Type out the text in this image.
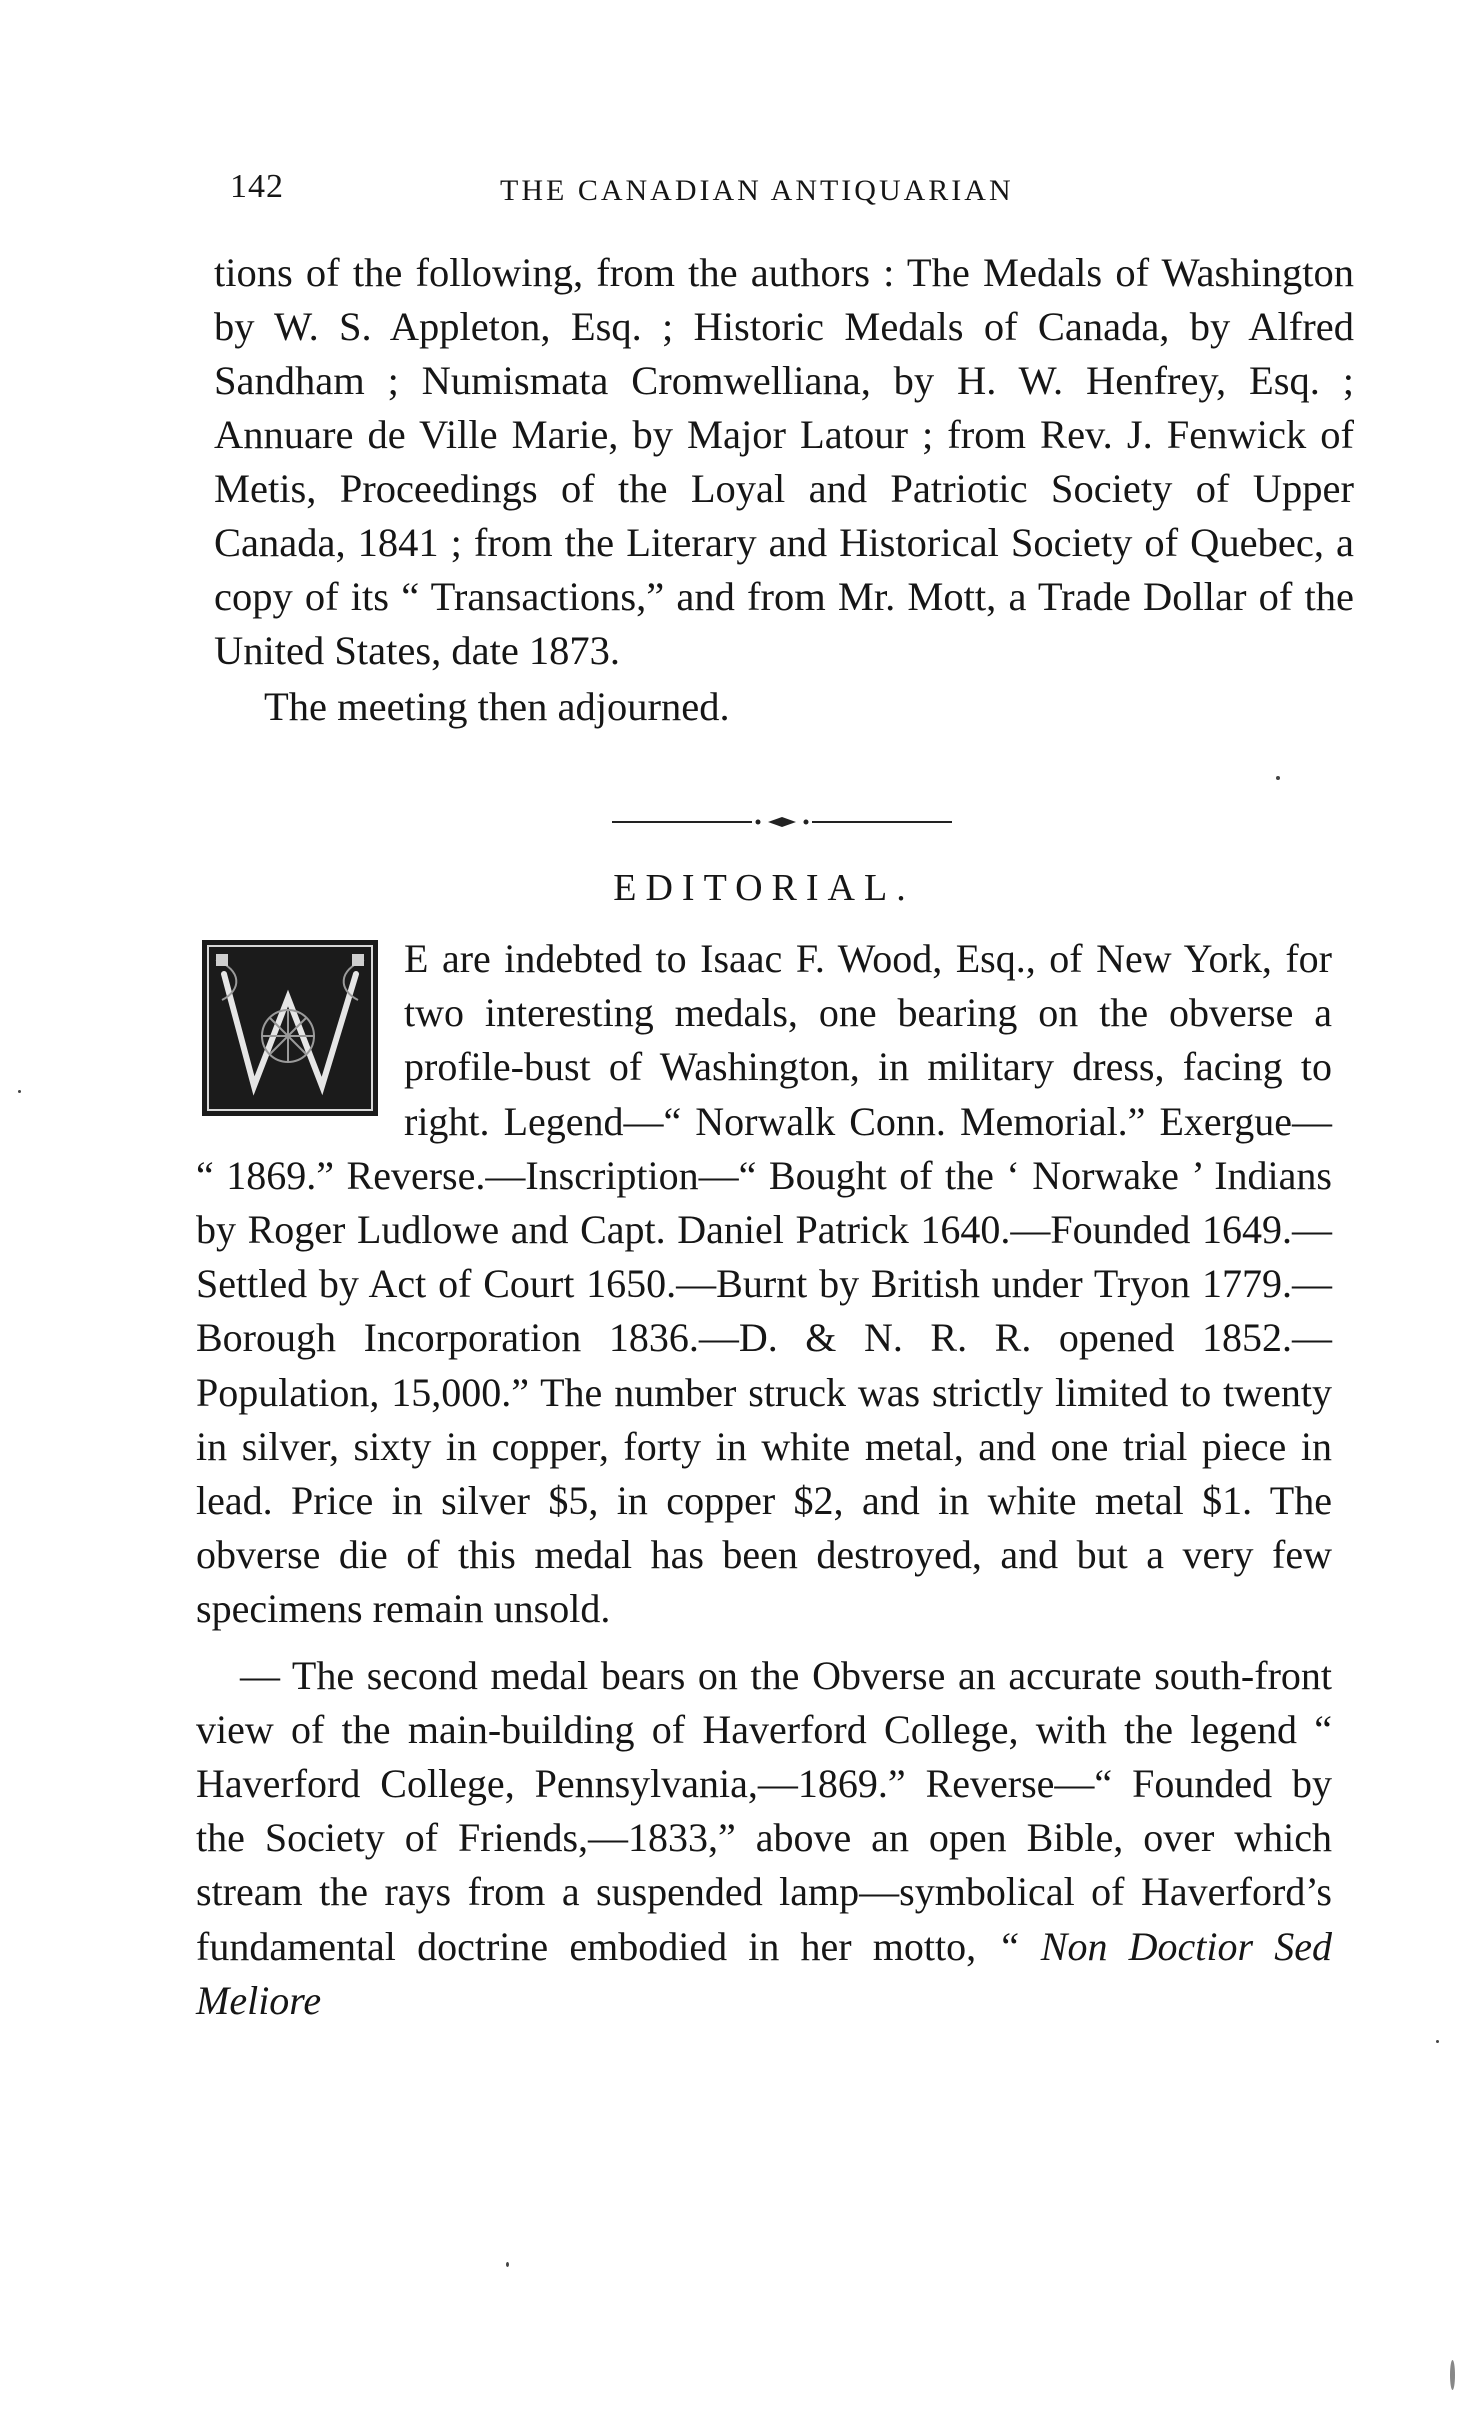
142	THE CANADIAN ANTIQUARIAN
tions of the following, from the authors : The Medals of Washington by W. S. Appleton, Esq. ; Historic Medals of Canada, by Alfred Sandham ; Numismata Cromwelliana, by H. W. Henfrey, Esq. ; Annuare de Ville Marie, by Major Latour ; from Rev. J. Fenwick of Metis, Proceedings of the Loyal and Patriotic Society of Upper Canada, 1841 ; from the Literary and Historical Society of Quebec, a copy of its “ Transactions,” and from Mr. Mott, a Trade Dollar of the United States, date 1873.
The meeting then adjourned.
EDITORIAL.
E are indebted to Isaac F. Wood, Esq., of New York, for two interesting medals, one bearing on the obverse a profile-bust of Washington, in military dress, facing to right. Legend—“ Norwalk Conn. Memorial.” Exergue— “ 1869.” Reverse.—Inscription—“ Bought of the ‘ Norwake ’ Indians by Roger Ludlowe and Capt. Daniel Patrick 1640.—Founded 1649.—Settled by Act of Court 1650.—Burnt by British under Tryon 1779.—Borough Incorporation 1836.—D. & N. R. R. opened 1852.—Population, 15,000.” The number struck was strictly limited to twenty in silver, sixty in copper, forty in white metal, and one trial piece in lead. Price in silver $5, in copper $2, and in white metal $1. The obverse die of this medal has been destroyed, and but a very few specimens remain unsold.
— The second medal bears on the Obverse an accurate south-front view of the main-building of Haverford College, with the legend “ Haverford College, Pennsylvania,—1869.” Reverse—“ Founded by the Society of Friends,—1833,” above an open Bible, over which stream the rays from a suspended lamp—symbolical of Haverford’s fundamental doctrine embodied in her motto, “ Non Doctior Sed Meliore
